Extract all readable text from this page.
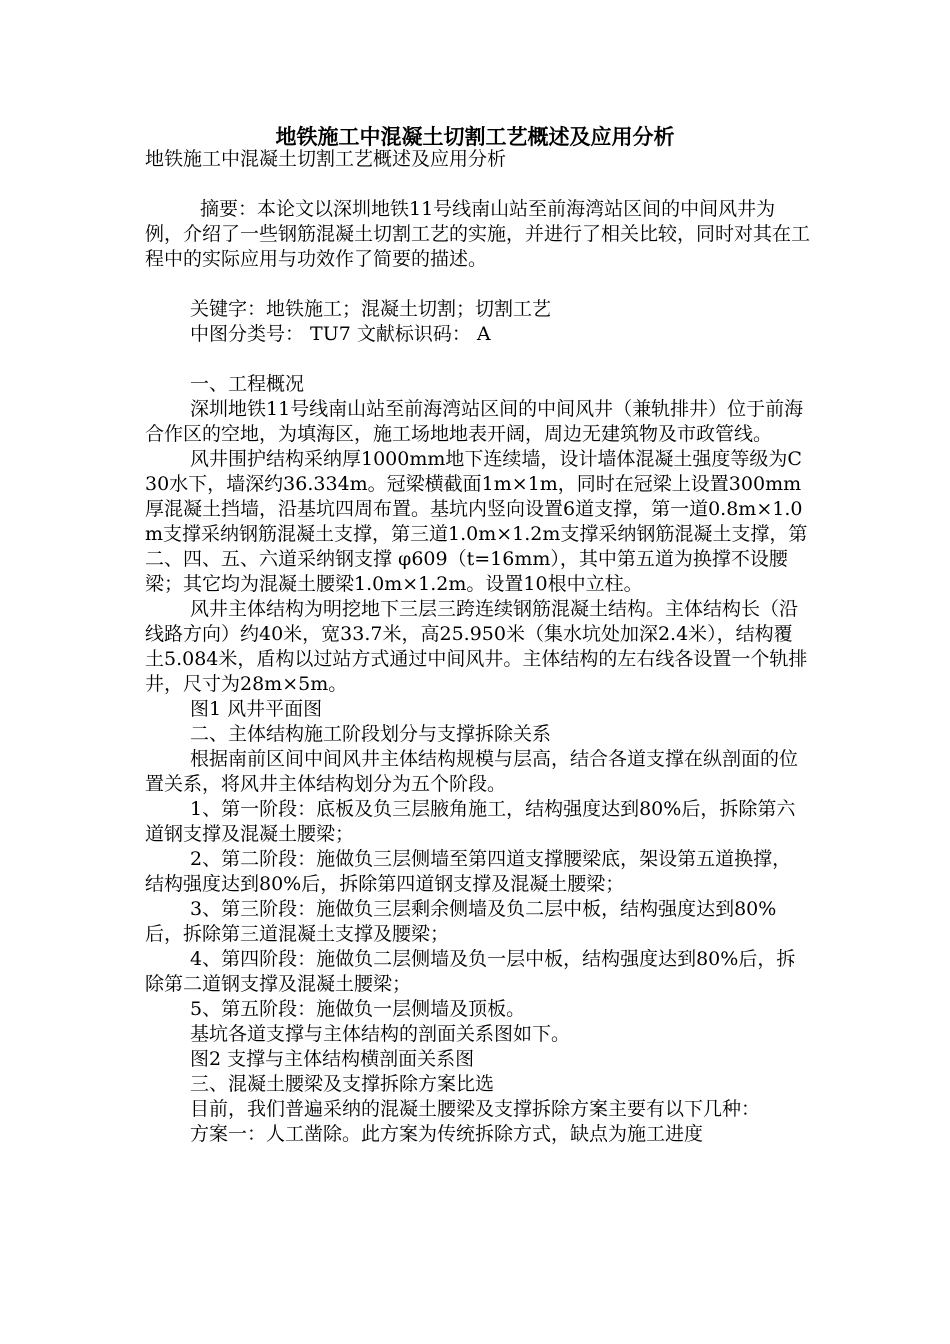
地铁施工中混凝土切割工艺概述及应用分析

地铁施工中混凝土切割工艺概述及应用分析

摘要：本论文以深圳地铁11号线南山站至前海湾站区间的中间风井为例，介绍了一些钢筋混凝土切割工艺的实施，并进行了相关比较，同时对其在工程中的实际应用与功效作了简要的描述。

关键字：地铁施工；混凝土切割；切割工艺

中图分类号： TU7 文献标识码： A

一、工程概况

深圳地铁11号线南山站至前海湾站区间的中间风井（兼轨排井）位于前海合作区的空地，为填海区，施工场地地表开阔，周边无建筑物及市政管线。

风井围护结构采纳厚1000mm地下连续墙，设计墙体混凝土强度等级为C30水下，墙深约36.334m。冠梁横截面1m×1m，同时在冠梁上设置300mm厚混凝土挡墙，沿基坑四周布置。基坑内竖向设置6道支撑，第一道0.8m×1.0m支撑采纳钢筋混凝土支撑，第三道1.0m×1.2m支撑采纳钢筋混凝土支撑，第二、四、五、六道采纳钢支撑 φ609（t=16mm），其中第五道为换撑不设腰梁；其它均为混凝土腰梁1.0m×1.2m。设置10根中立柱。

风井主体结构为明挖地下三层三跨连续钢筋混凝土结构。主体结构长（沿线路方向）约40米，宽33.7米，高25.950米（集水坑处加深2.4米），结构覆土5.084米，盾构以过站方式通过中间风井。主体结构的左右线各设置一个轨排井，尺寸为28m×5m。

图1 风井平面图

二、主体结构施工阶段划分与支撑拆除关系

根据南前区间中间风井主体结构规模与层高，结合各道支撑在纵剖面的位置关系，将风井主体结构划分为五个阶段。

1、第一阶段：底板及负三层腋角施工，结构强度达到80%后，拆除第六道钢支撑及混凝土腰梁；

2、第二阶段：施做负三层侧墙至第四道支撑腰梁底，架设第五道换撑，结构强度达到80%后，拆除第四道钢支撑及混凝土腰梁；

3、第三阶段：施做负三层剩余侧墙及负二层中板，结构强度达到80%后，拆除第三道混凝土支撑及腰梁；

4、第四阶段：施做负二层侧墙及负一层中板，结构强度达到80%后，拆除第二道钢支撑及混凝土腰梁；

5、第五阶段：施做负一层侧墙及顶板。

基坑各道支撑与主体结构的剖面关系图如下。

图2 支撑与主体结构横剖面关系图

三、混凝土腰梁及支撑拆除方案比选

目前，我们普遍采纳的混凝土腰梁及支撑拆除方案主要有以下几种：

方案一：人工凿除。此方案为传统拆除方式，缺点为施工进度
